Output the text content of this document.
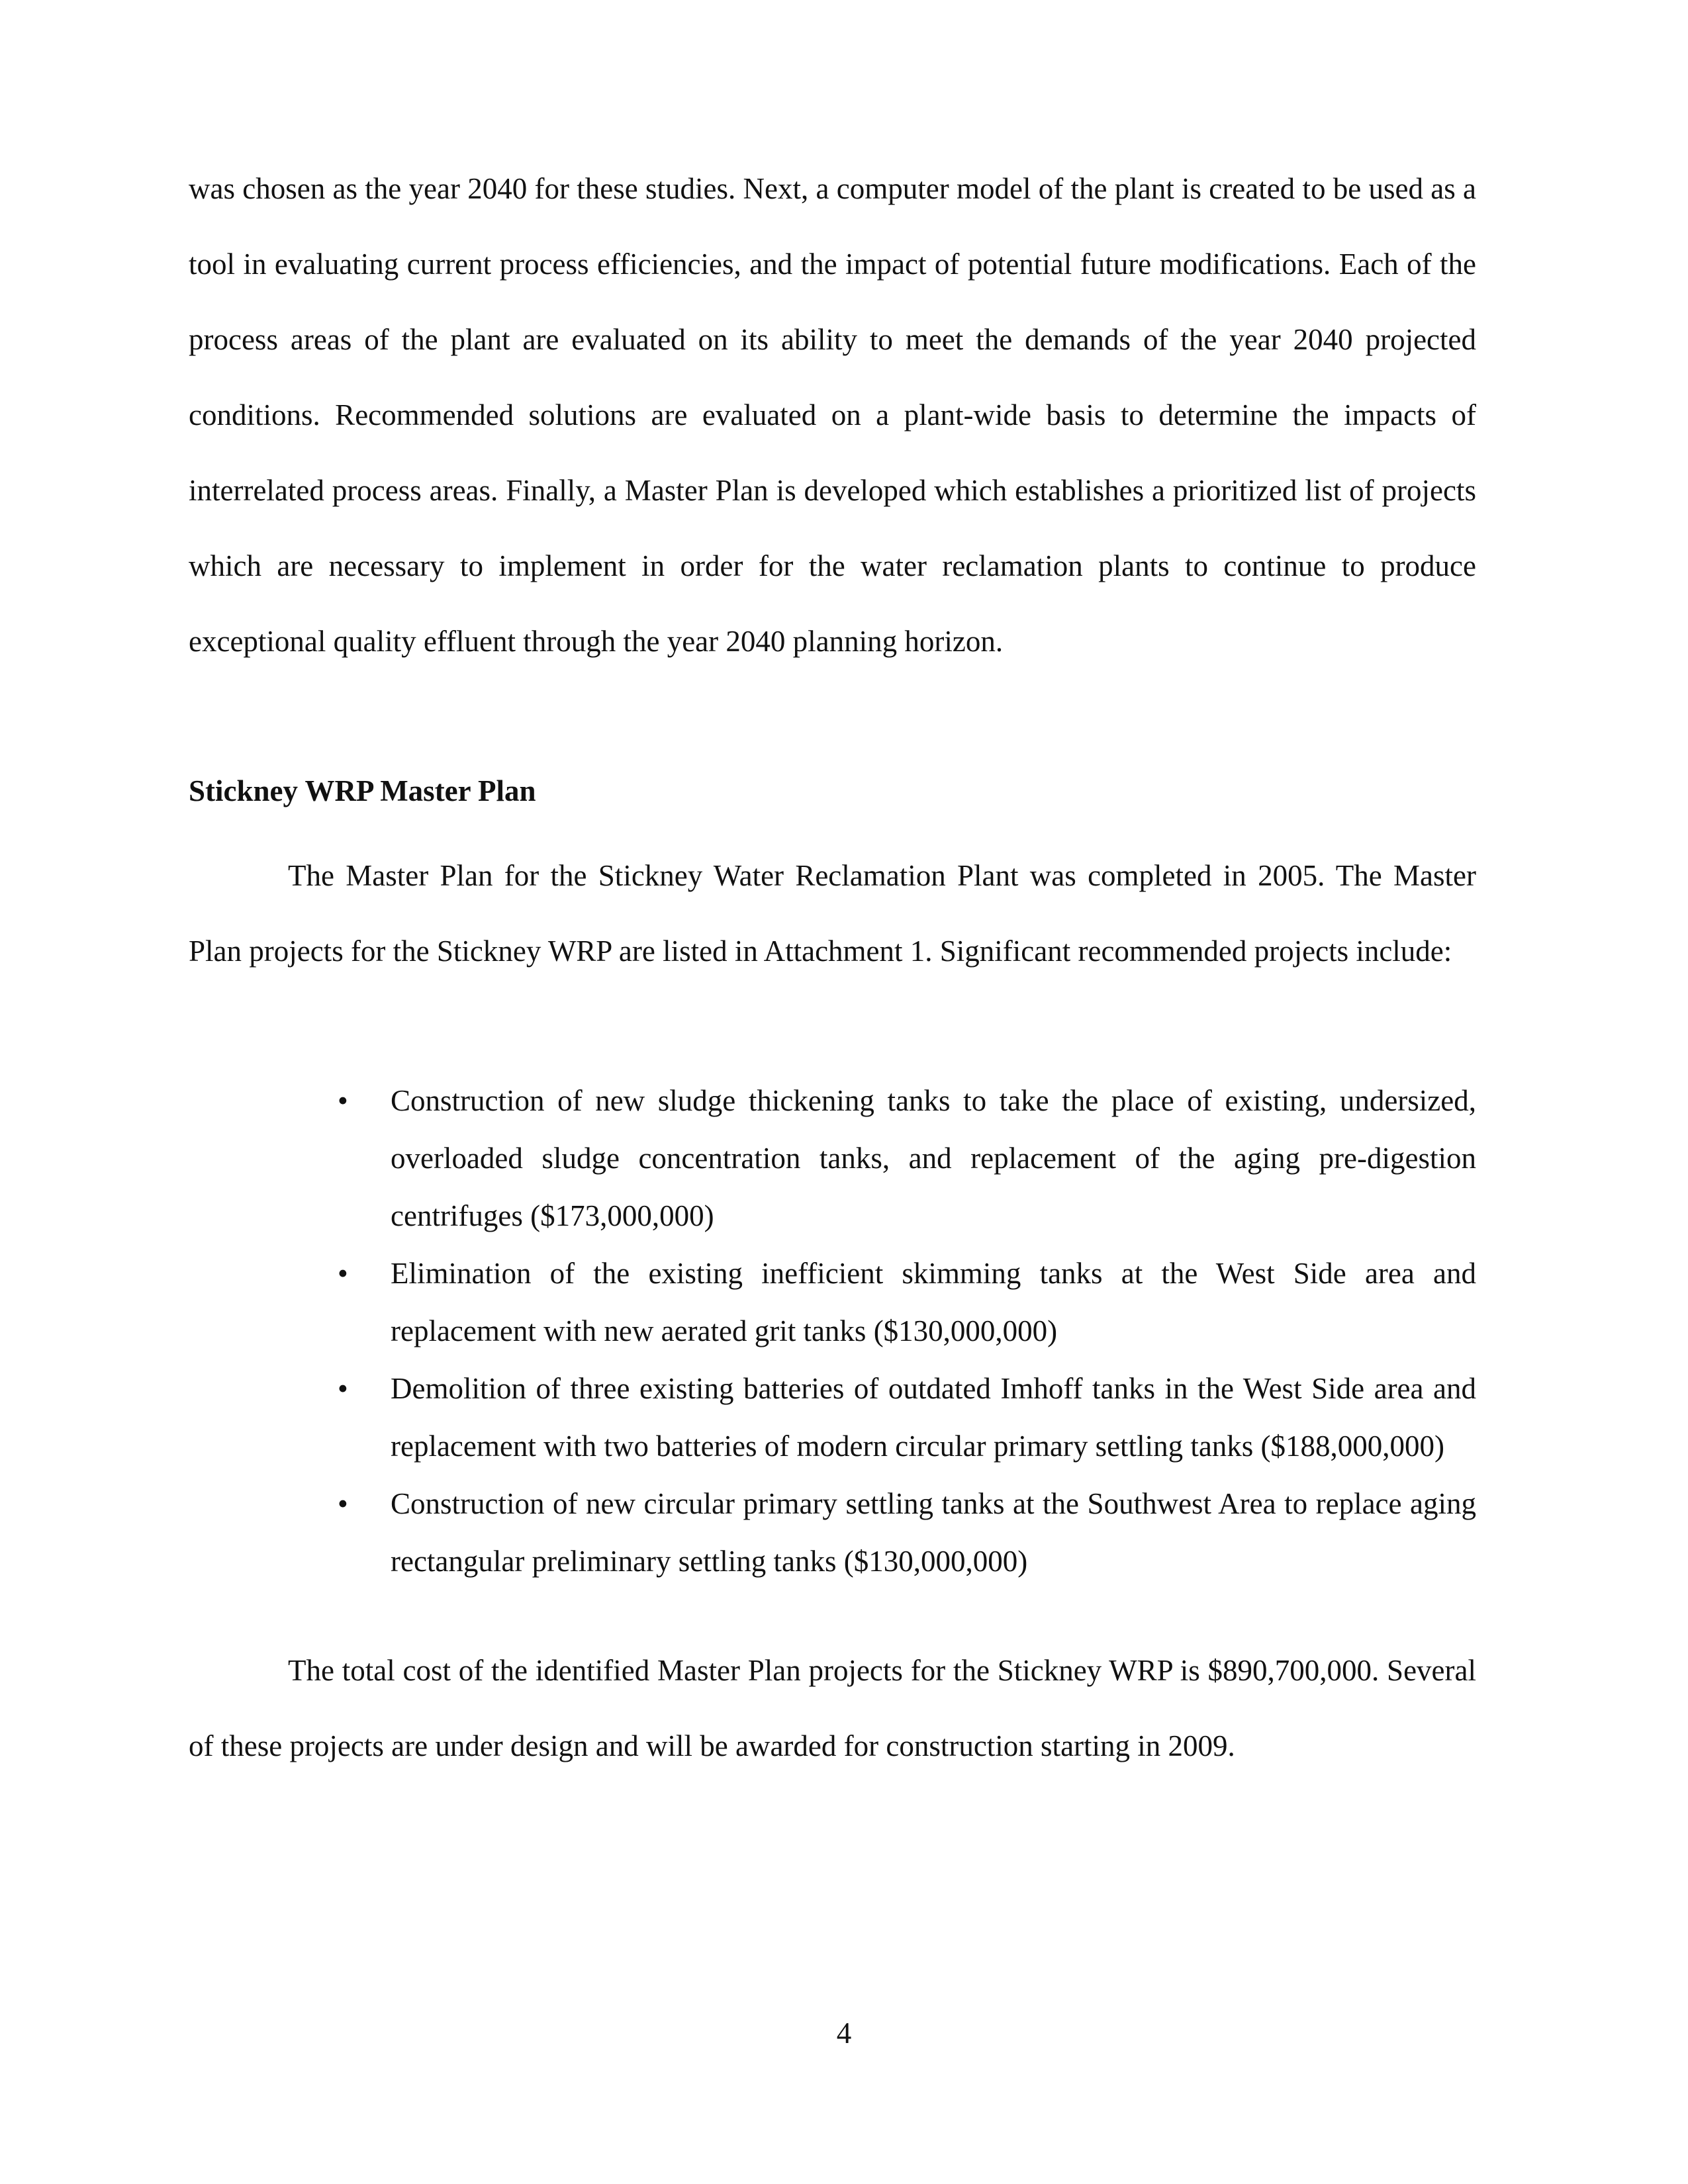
was chosen as the year 2040 for these studies. Next, a computer model of the plant is created to be used as a tool in evaluating current process efficiencies, and the impact of potential future modifications. Each of the process areas of the plant are evaluated on its ability to meet the demands of the year 2040 projected conditions. Recommended solutions are evaluated on a plant-wide basis to determine the impacts of interrelated process areas. Finally, a Master Plan is developed which establishes a prioritized list of projects which are necessary to implement in order for the water reclamation plants to continue to produce exceptional quality effluent through the year 2040 planning horizon.

Stickney WRP Master Plan

The Master Plan for the Stickney Water Reclamation Plant was completed in 2005. The Master Plan projects for the Stickney WRP are listed in Attachment 1. Significant recommended projects include:

• Construction of new sludge thickening tanks to take the place of existing, undersized, overloaded sludge concentration tanks, and replacement of the aging pre-digestion centrifuges ($173,000,000)
• Elimination of the existing inefficient skimming tanks at the West Side area and replacement with new aerated grit tanks ($130,000,000)
• Demolition of three existing batteries of outdated Imhoff tanks in the West Side area and replacement with two batteries of modern circular primary settling tanks ($188,000,000)
• Construction of new circular primary settling tanks at the Southwest Area to replace aging rectangular preliminary settling tanks ($130,000,000)

The total cost of the identified Master Plan projects for the Stickney WRP is $890,700,000. Several of these projects are under design and will be awarded for construction starting in 2009.

4
